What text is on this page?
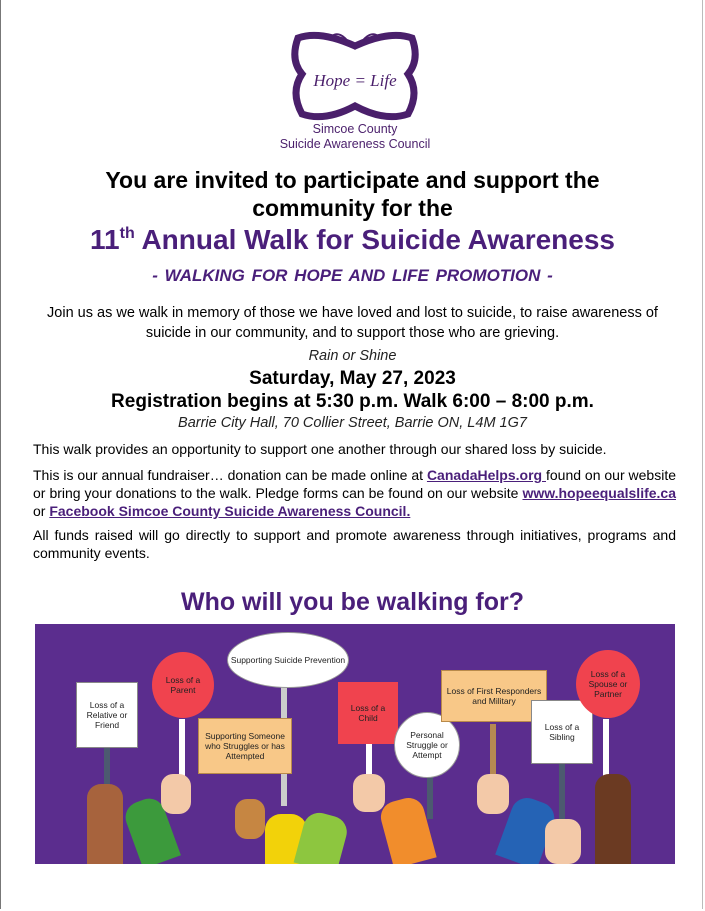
Hope = Life
Simcoe County
Suicide Awareness Council
You are invited to participate and support the
community for the
11th Annual Walk for Suicide Awareness
- WALKING FOR HOPE AND LIFE PROMOTION -
Join us as we walk in memory of those we have loved and lost to suicide, to raise awareness of suicide in our community, and to support those who are grieving.
Rain or Shine
Saturday, May 27, 2023
Registration begins at 5:30 p.m. Walk 6:00 – 8:00 p.m.
Barrie City Hall, 70 Collier Street, Barrie ON, L4M 1G7
This walk provides an opportunity to support one another through our shared loss by suicide.
This is our annual fundraiser… donation can be made online at CanadaHelps.org found on our website or bring your donations to the walk. Pledge forms can be found on our website www.hopeequalslife.ca or Facebook Simcoe County Suicide Awareness Council.
All funds raised will go directly to support and promote awareness through initiatives, programs and community events.
Who will you be walking for?
Loss of a Relative or Friend
Loss of a Parent
Supporting Suicide Prevention
Supporting Someone who Struggles or has Attempted
Loss of a Child
Personal Struggle or Attempt
Loss of First Responders and Military
Loss of a Sibling
Loss of a Spouse or Partner
